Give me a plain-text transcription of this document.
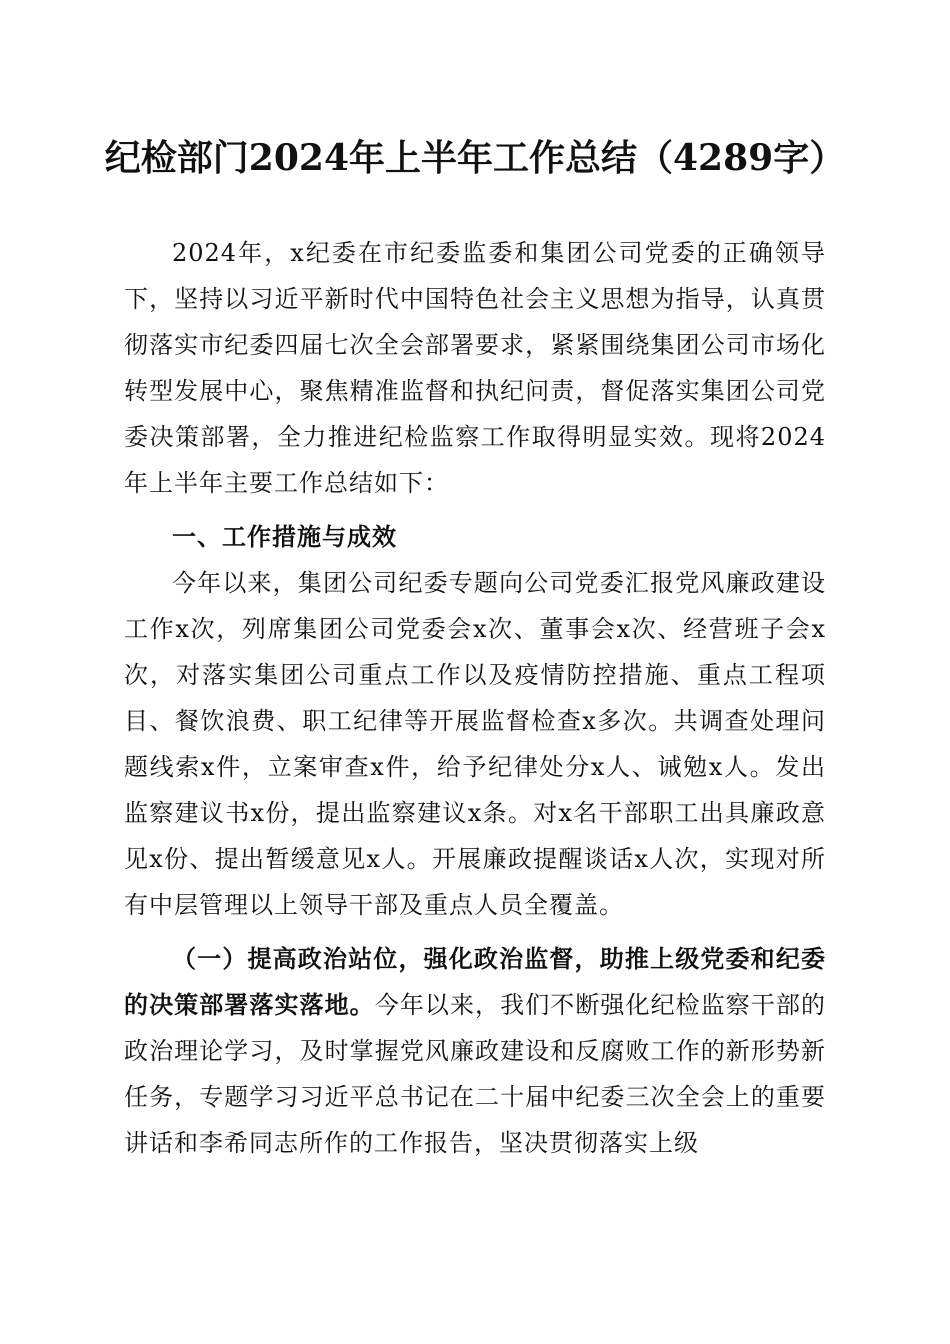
纪检部门2024年上半年工作总结（4289字）

2024年，x纪委在市纪委监委和集团公司党委的正确领导下，坚持以习近平新时代中国特色社会主义思想为指导，认真贯彻落实市纪委四届七次全会部署要求，紧紧围绕集团公司市场化转型发展中心，聚焦精准监督和执纪问责，督促落实集团公司党委决策部署，全力推进纪检监察工作取得明显实效。现将2024年上半年主要工作总结如下：

一、工作措施与成效

今年以来，集团公司纪委专题向公司党委汇报党风廉政建设工作x次，列席集团公司党委会x次、董事会x次、经营班子会x次，对落实集团公司重点工作以及疫情防控措施、重点工程项目、餐饮浪费、职工纪律等开展监督检查x多次。共调查处理问题线索x件，立案审查x件，给予纪律处分x人、诫勉x人。发出监察建议书x份，提出监察建议x条。对x名干部职工出具廉政意见x份、提出暂缓意见x人。开展廉政提醒谈话x人次，实现对所有中层管理以上领导干部及重点人员全覆盖。

（一）提高政治站位，强化政治监督，助推上级党委和纪委的决策部署落实落地。今年以来，我们不断强化纪检监察干部的政治理论学习，及时掌握党风廉政建设和反腐败工作的新形势新任务，专题学习习近平总书记在二十届中纪委三次全会上的重要讲话和李希同志所作的工作报告，坚决贯彻落实上级
